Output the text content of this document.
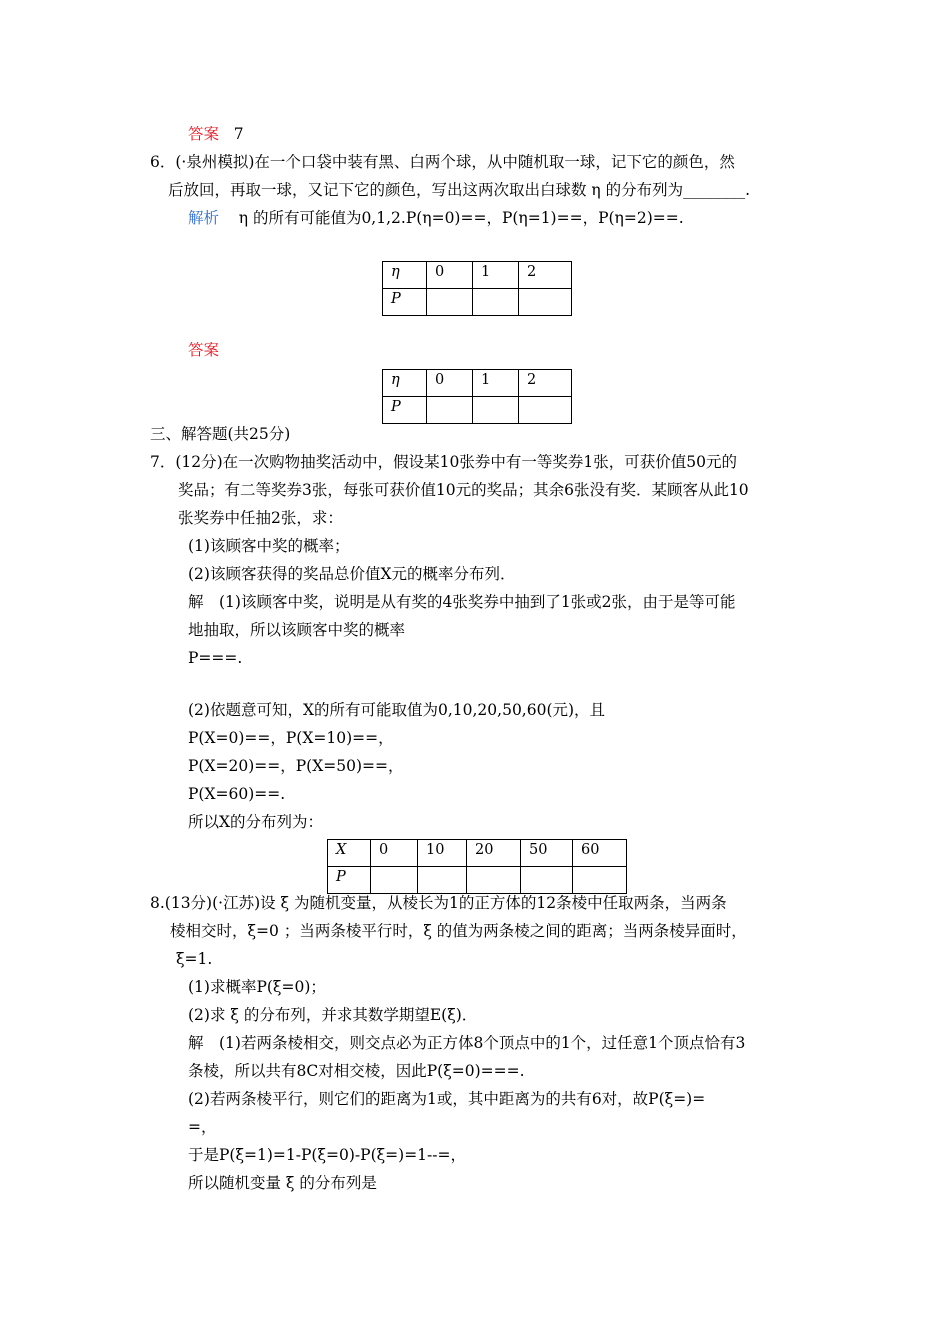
答案 7
6．(·泉州模拟)在一个口袋中装有黑、白两个球，从中随机取一球，记下它的颜色，然
后放回，再取一球，又记下它的颜色，写出这两次取出白球数 η 的分布列为________.
解析 η 的所有可能值为0,1,2.P(η=0)==，P(η=1)==，P(η=2)==.
η	0	1	2
P			
答案
η	0	1	2
P			
三、解答题(共25分)
7．(12分)在一次购物抽奖活动中，假设某10张券中有一等奖券1张，可获价值50元的
奖品；有二等奖券3张，每张可获价值10元的奖品；其余6张没有奖．某顾客从此10
张奖券中任抽2张，求：
(1)该顾客中奖的概率；
(2)该顾客获得的奖品总价值X元的概率分布列．
解　(1)该顾客中奖，说明是从有奖的4张奖券中抽到了1张或2张，由于是等可能
地抽取，所以该顾客中奖的概率
P===.
(2)依题意可知，X的所有可能取值为0,10,20,50,60(元)，且
P(X=0)==，P(X=10)==，
P(X=20)==，P(X=50)==，
P(X=60)==.
所以X的分布列为：
X	0	10	20	50	60
P					
8.(13分)(·江苏)设 ξ 为随机变量，从棱长为1的正方体的12条棱中任取两条，当两条
棱相交时，ξ=0 ；当两条棱平行时，ξ 的值为两条棱之间的距离；当两条棱异面时，
ξ=1.
(1)求概率P(ξ=0)；
(2)求 ξ 的分布列，并求其数学期望E(ξ)．
解　(1)若两条棱相交，则交点必为正方体8个顶点中的1个，过任意1个顶点恰有3
条棱，所以共有8C对相交棱，因此P(ξ=0)===.
(2)若两条棱平行，则它们的距离为1或，其中距离为的共有6对，故P(ξ=)=
=，
于是P(ξ=1)=1-P(ξ=0)-P(ξ=)=1--=，
所以随机变量 ξ 的分布列是
